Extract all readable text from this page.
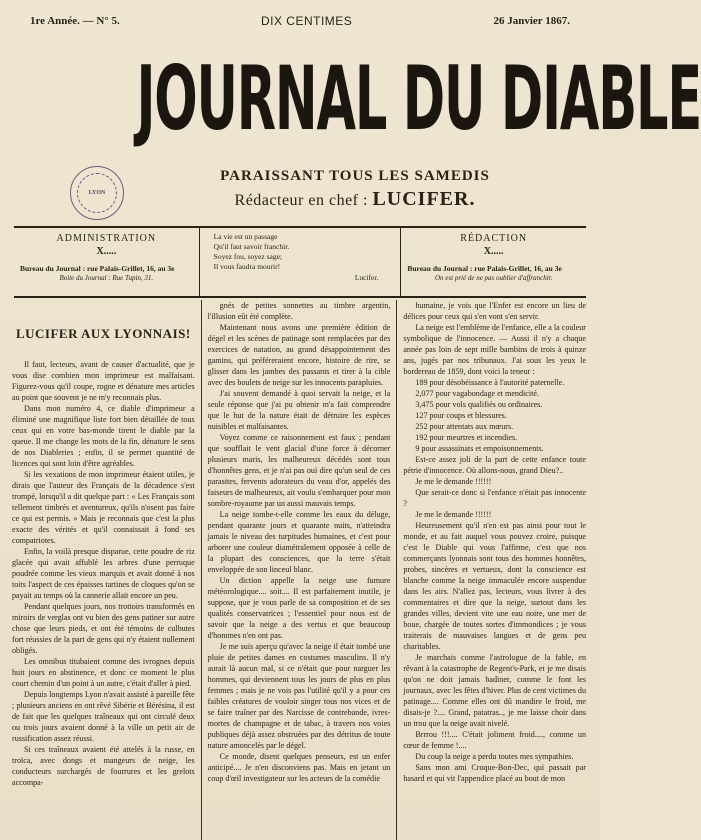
1re Année. — N° 5.	DIX CENTIMES	26 Janvier 1867.
JOURNAL DU DIABLE
LYON
PARAISSANT TOUS LES SAMEDIS
Rédacteur en chef : LUCIFER.
ADMINISTRATION
X.....
Bureau du Journal : rue Palais-Grillet, 16, au 3e
Boite du Journal : Rue Tupin, 31.
La vie est un passage
Qu'il faut savoir franchir.
Soyez fou, soyez sage;
Il vous faudra mourir!
Lucifer.
RÉDACTION
X.....
Bureau du Journal : rue Palais-Grillet, 16, au 3e
On est prié de ne pas oublier d'affranchir.
LUCIFER AUX LYONNAIS!

Il faut, lecteurs, avant de causer d'actualité, que je vous dise combien mon imprimeur est malfaisant. Figurez-vous qu'il coupe, rogne et dénature mes articles au point que souvent je ne m'y reconnais plus.

Dans mon numéro 4, ce diable d'imprimeur a éliminé une magnifique liste fort bien détaillée de tous ceux qui en votre bas-monde tirent le diable par la queue. Il me change les mots de la fin, dénature le sens de nos Diableries ; enfin, il se permet quantité de licences qui sont loin d'être agréables.

Si les vexations de mon imprimeur étaient utiles, je dirais que l'auteur des Français de la décadence s'est trompé, lorsqu'il a dit quelque part : « Les Français sont tellement timbrés et aventureux, qu'ils n'osent pas faire ce qui est permis. » Mais je reconnais que c'est la plus exacte des vérités et qu'il connaissait à fond ses compatriotes.

Enfin, la voilà presque disparue, cette poudre de riz glacée qui avait affublé les arbres d'une perruque poudrée comme les vieux marquis et avait donné à nos toits l'aspect de ces épaisses tartines de cloques qu'on se payait au temps où la cannerie allait encore un peu.

Pendant quelques jours, nos trottoirs transformés en miroirs de verglas ont vu bien des gens patiner sur autre chose que leurs pieds, et ont été témoins de culbutes fort réussies de la part de gens qui n'y étaient nullement obligés.

Les omnibus titubaient comme des ivrognes depuis huit jours en abstinence, et donc ce moment le plus court chemin d'un point à un autre, c'était d'aller à pied.

Depuis longtemps Lyon n'avait assisté à pareille fête ; plusieurs anciens en ont rêvé Sibérie et Bérésina, il est de fait que les quelques traîneaux qui ont circulé deux ou trois jours avaient donné à la ville un petit air de russification assez réussi.

Si ces traîneaux avaient été attelés à la russe, en troïca, avec dongs et mangeurs de neige, les conducteurs surchargés de fourrures et les grelots accompa-

gnés de petites sonnettes au timbre argentin, l'illusion eût été complète.

Maintenant nous avons une première édition de dégel et les scènes de patinage sont remplacées par des exercices de natation, au grand désappointement des gamins, qui préféreraient encore, histoire de rire, se glisser dans les jambes des passants et tirer à la cible avec des boulets de neige sur les innocents parapluies.

J'ai souvent demandé à quoi servait la neige, et la seule réponse que j'ai pu obtenir m'a fait comprendre que le but de la nature était de détruire les espèces nuisibles et malfaisantes.

Voyez comme ce raisonnement est faux ; pendant que soufflait le vent glacial d'une force à décorner plusieurs maris, les malheureux décédés sont tous d'honnêtes gens, et je n'ai pas ouï dire qu'un seul de ces parasites, fervents adorateurs du veau d'or, appelés des faiseurs de malheureux, ait voulu s'embarquer pour mon sombre-royaume par un aussi mauvais temps.

La neige tombe-t-elle comme les eaux du déluge, pendant quarante jours et quarante nuits, n'atteindra jamais le niveau des turpitudes humaines, et c'est pour arborer une couleur diamétralement opposée à celle de la plupart des consciences, que la terre s'était enveloppée de son linceul blanc.

Un diction appelle la neige une fumure météorologique.... soit.... Il est parfaitement inutile, je suppose, que je vous parle de sa composition et de ses qualités conservatrices ; l'essentiel pour nous est de savoir que la neige a des vertus et que beaucoup d'hommes n'en ont pas.

Je me suis aperçu qu'avec la neige il était tombé une pluie de petites dames en costumes masculins. Il n'y aurait là aucun mal, si ce n'était que pour narguer les hommes, qui deviennent tous les jours de plus en plus femmes ; mais je ne vois pas l'utilité qu'il y a pour ces faibles créatures de vouloir singer tous nos vices et de se faire traîner par des Narcisse de contrebande, ivres-mortes de champagne et de tabac, à travers nos voies publiques déjà assez obstruées par des détritus de toute nature amoncelés par le dégel.

Ce monde, disent quelques penseurs, est un enfer anticipé.... Je n'en disconviens pas. Mais en jetant un coup d'œil investigateur sur les acteurs de la comédie

humaine, je vois que l'Enfer est encore un lieu de délices pour ceux qui s'en vont s'en servir.

La neige est l'emblème de l'enfance, elle a la couleur symbolique de l'innocence. — Aussi il n'y a chaque année pas loin de sept mille bambins de trois à quinze ans, jugés par nos tribunaux. J'ai sous les yeux le bordereau de 1859, dont voici la teneur :

189 pour désobéissance à l'autorité paternelle.

2,077 pour vagabondage et mendicité.

3,475 pour vols qualifiés ou ordinaires.

127 pour coups et blessures.

252 pour attentats aux mœurs.

192 pour meurtres et incendies.

9 pour assassinats et empoisonnements.

Est-ce assez joli de la part de cette enfance toute pétrie d'innocence. Où allons-nous, grand Dieu?..

Je me le demande !!!!!!

Que serait-ce donc si l'enfance n'était pas innocente ?

Je me le demande !!!!!!

Heureusement qu'il n'en est pas ainsi pour tout le monde, et au fait auquel vous pouvez croire, puisque c'est le Diable qui vous l'affirme, c'est que nos commerçants lyonnais sont tous des hommes honnêtes, probes, sincères et vertueux, dont la conscience est blanche comme la neige immaculée encore suspendue dans les airs. N'allez pas, lecteurs, vous livrer à des commentaires et dire que la neige, surtout dans les grandes villes, devient vite une eau noire, une mer de boue, chargée de toutes sortes d'immondices ; je vous traiterais de mauvaises langues et de gens peu charitables.

Je marchais comme l'astrologue de la fable, en rêvant à la catastrophe de Regent's-Park, et je me disais qu'on ne doit jamais badiner, comme le font les journaux, avec les fêtes d'hiver. Plus de cent victimes du patinage.... Comme elles ont dû mandire le froid, me disais-je ?.... Grand, patatras.., je me laisse choir dans un trou que la neige avait nivelé.

Brrrou !!!.... C'était joliment froid...., comme un cœur de femme !....

Du coup la neige a perdu toutes mes sympathies.

Sans mon ami Croque-Bon-Dec, qui passait par hasard et qui vit l'appendice placé au bout de mon
